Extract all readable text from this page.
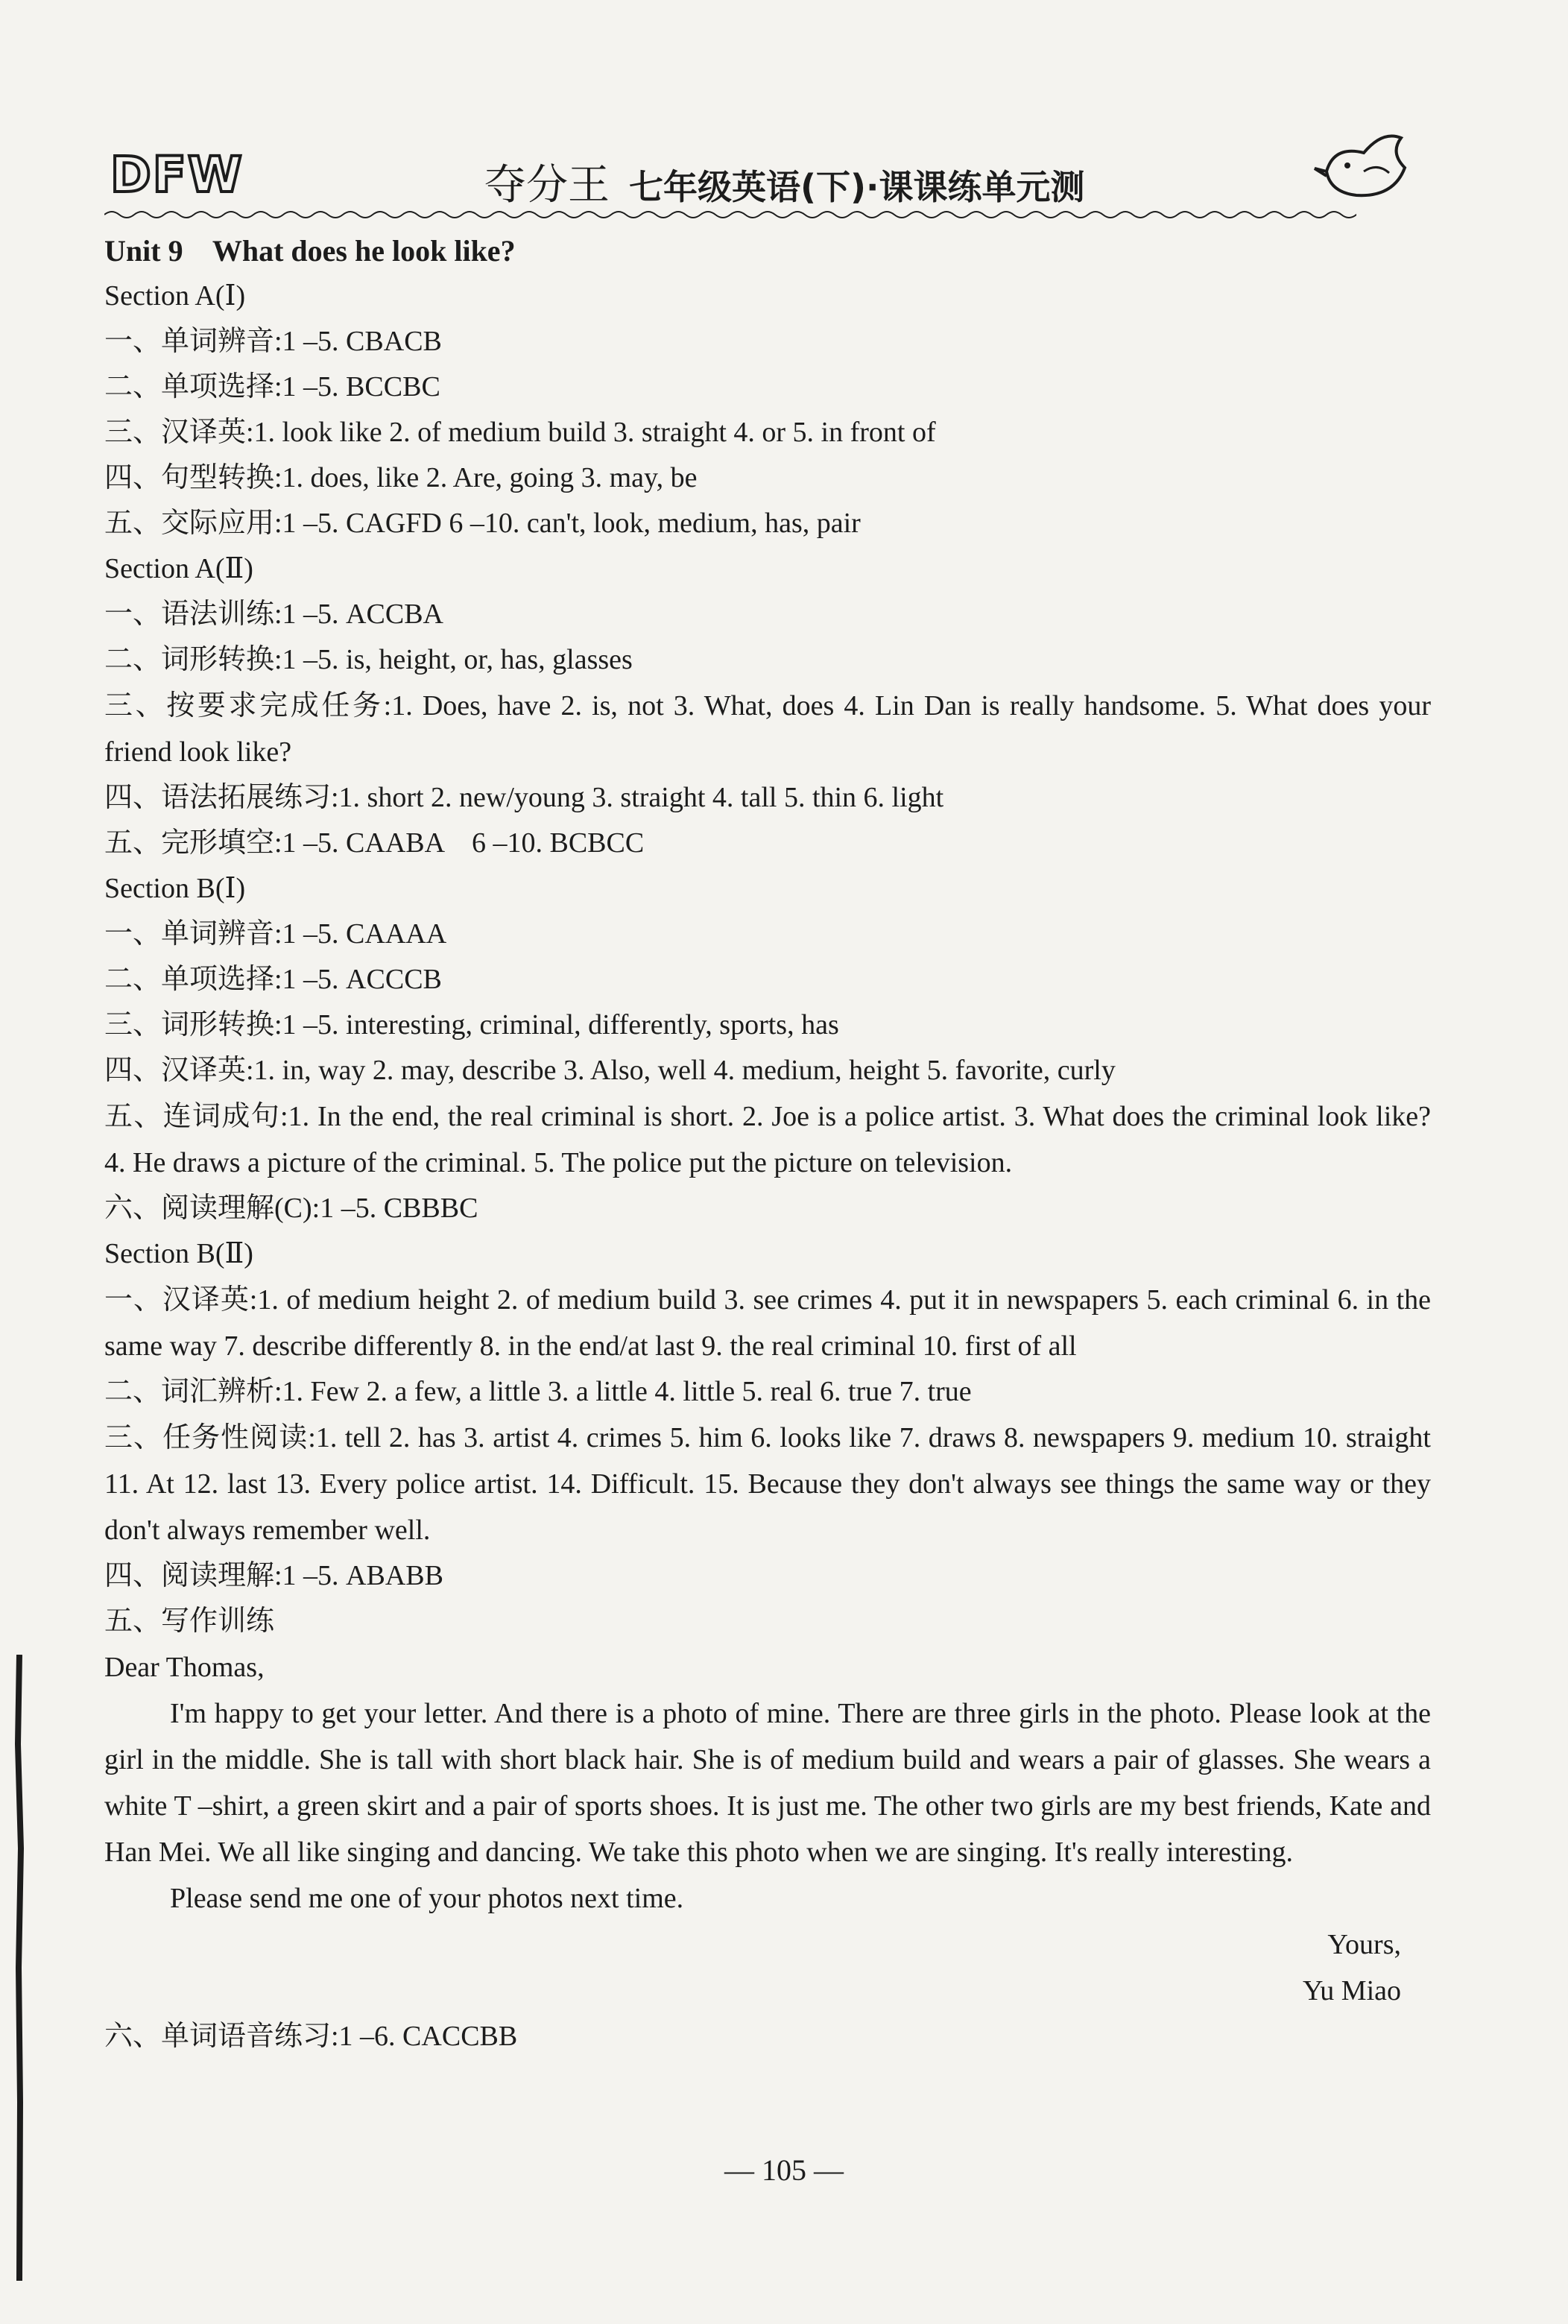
DFW	夺分王 七年级英语(下)·课课练单元测
Unit 9    What does he look like?
Section A(Ⅰ)
一、单词辨音:1 –5. CBACB
二、单项选择:1 –5. BCCBC
三、汉译英:1. look like 2. of medium build 3. straight 4. or 5. in front of
四、句型转换:1. does, like 2. Are, going 3. may, be
五、交际应用:1 –5. CAGFD 6 –10. can't, look, medium, has, pair
Section A(Ⅱ)
一、语法训练:1 –5. ACCBA
二、词形转换:1 –5. is, height, or, has, glasses
三、按要求完成任务:1. Does, have 2. is, not 3. What, does 4. Lin Dan is really handsome. 5. What does your friend look like?
四、语法拓展练习:1. short 2. new/young 3. straight 4. tall 5. thin 6. light
五、完形填空:1 –5. CAABA    6 –10. BCBCC
Section B(Ⅰ)
一、单词辨音:1 –5. CAAAA
二、单项选择:1 –5. ACCCB
三、词形转换:1 –5. interesting, criminal, differently, sports, has
四、汉译英:1. in, way 2. may, describe 3. Also, well 4. medium, height 5. favorite, curly
五、连词成句:1. In the end, the real criminal is short. 2. Joe is a police artist. 3. What does the criminal look like? 4. He draws a picture of the criminal. 5. The police put the picture on television.
六、阅读理解(C):1 –5. CBBBC
Section B(Ⅱ)
一、汉译英:1. of medium height 2. of medium build 3. see crimes 4. put it in newspapers 5. each criminal 6. in the same way 7. describe differently 8. in the end/at last 9. the real criminal 10. first of all
二、词汇辨析:1. Few 2. a few, a little 3. a little 4. little 5. real 6. true 7. true
三、任务性阅读:1. tell 2. has 3. artist 4. crimes 5. him 6. looks like 7. draws 8. newspapers 9. medium 10. straight 11. At 12. last 13. Every police artist. 14. Difficult. 15. Because they don't always see things the same way or they don't always remember well.
四、阅读理解:1 –5. ABABB
五、写作训练
Dear Thomas,
I'm happy to get your letter. And there is a photo of mine. There are three girls in the photo. Please look at the girl in the middle. She is tall with short black hair. She is of medium build and wears a pair of glasses. She wears a white T –shirt, a green skirt and a pair of sports shoes. It is just me. The other two girls are my best friends, Kate and Han Mei. We all like singing and dancing. We take this photo when we are singing. It's really interesting.
Please send me one of your photos next time.
Yours,
Yu Miao
六、单词语音练习:1 –6. CACCBB
— 105 —
